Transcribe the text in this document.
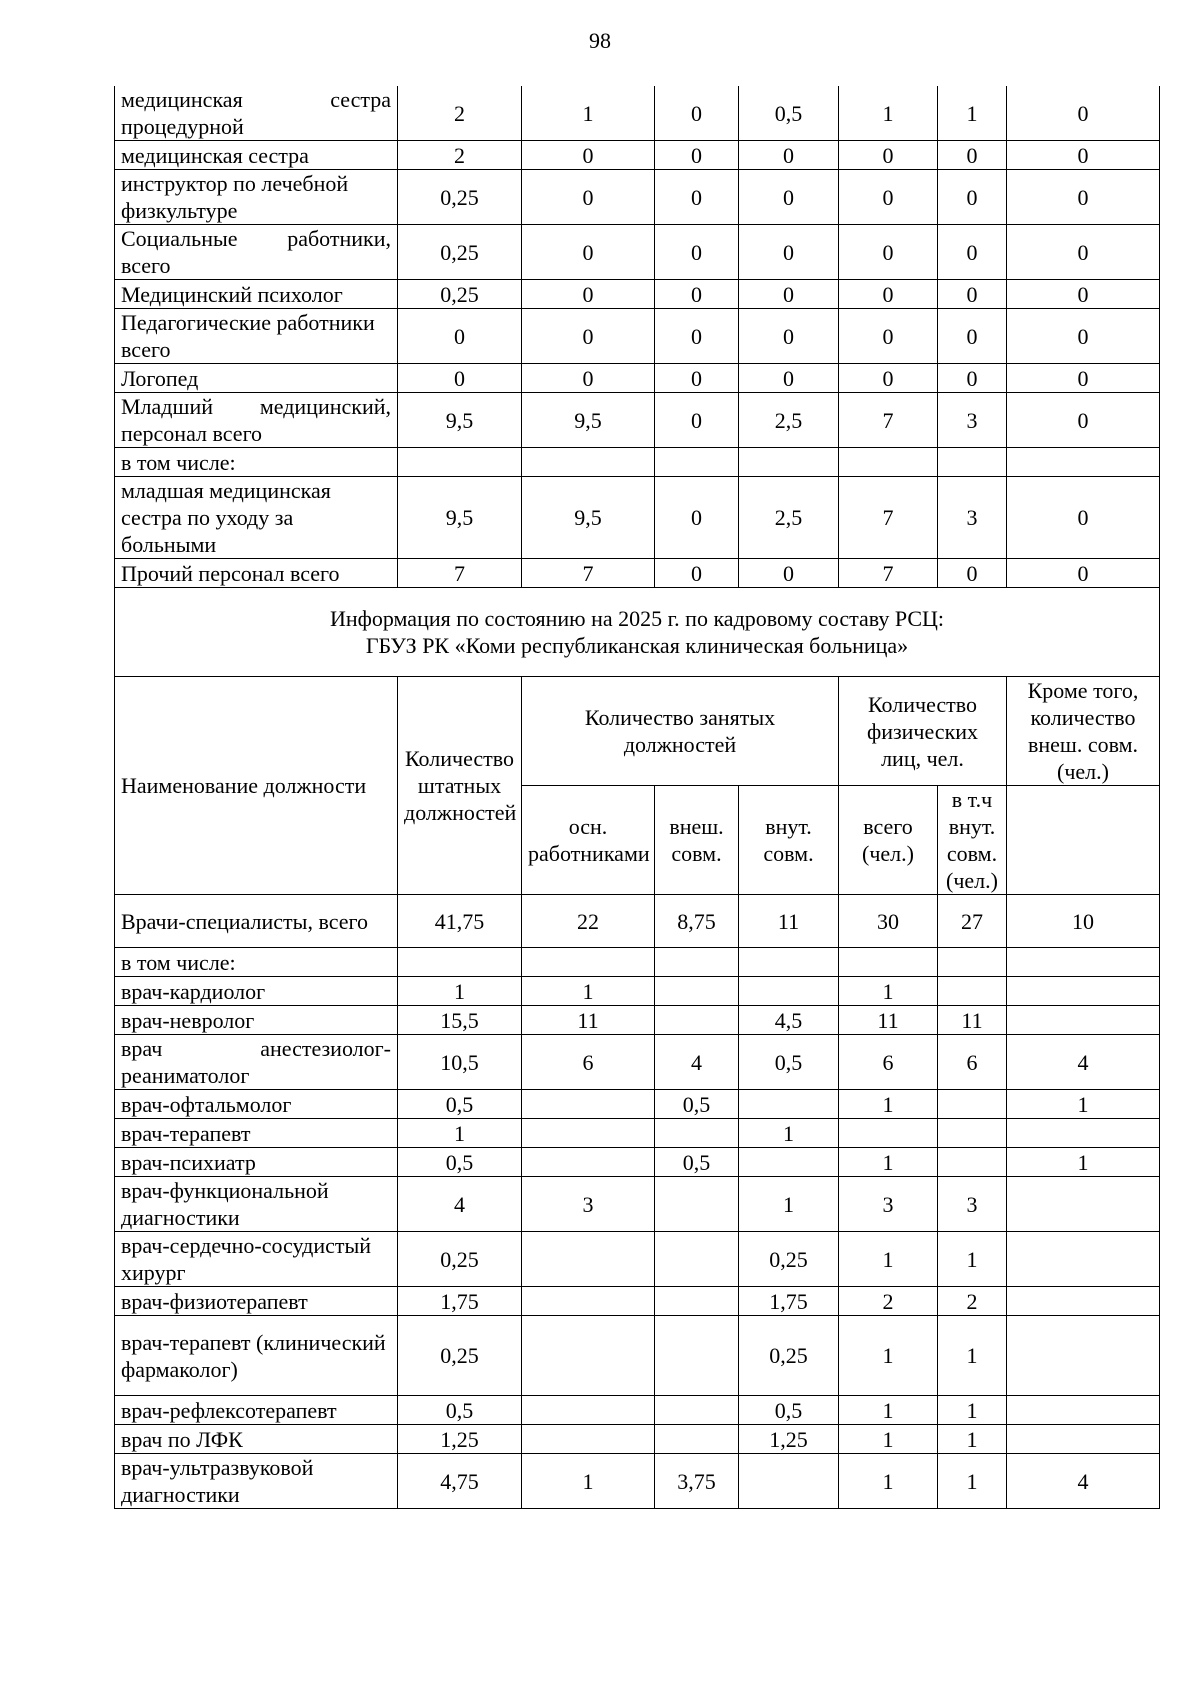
98
медицинская сестра процедурной	2	1	0	0,5	1	1	0
медицинская сестра	2	0	0	0	0	0	0
инструктор по лечебной физкультуре	0,25	0	0	0	0	0	0
Социальные работники, всего	0,25	0	0	0	0	0	0
Медицинский психолог	0,25	0	0	0	0	0	0
Педагогические работники всего	0	0	0	0	0	0	0
Логопед	0	0	0	0	0	0	0
Младший медицинский, персонал всего	9,5	9,5	0	2,5	7	3	0
в том числе:							
младшая медицинская сестра по уходу за больными	9,5	9,5	0	2,5	7	3	0
Прочий персонал всего	7	7	0	0	7	0	0

Информация по состоянию на 2025 г. по кадровому составу РСЦ:
ГБУЗ РК «Коми республиканская клиническая больница»							

Наименование должности	Количество штатных должностей	Количество занятых должностей			Количество физических лиц, чел.		Кроме того, количество внеш. совм. (чел.)
		осн. работниками	внеш. совм.	внут. совм.	всего (чел.)	в т.ч внут. совм. (чел.)	
Врачи-специалисты, всего	41,75	22	8,75	11	30	27	10
в том числе:							
врач-кардиолог	1	1			1		
врач-невролог	15,5	11		4,5	11	11	
врач анестезиолог-реаниматолог	10,5	6	4	0,5	6	6	4
врач-офтальмолог	0,5		0,5		1		1
врач-терапевт	1			1			
врач-психиатр	0,5		0,5		1		1
врач-функциональной диагностики	4	3		1	3	3	
врач-сердечно-сосудистый хирург	0,25			0,25	1	1	
врач-физиотерапевт	1,75			1,75	2	2	
врач-терапевт (клинический фармаколог)	0,25			0,25	1	1	
врач-рефлексотерапевт	0,5			0,5	1	1	
врач по ЛФК	1,25			1,25	1	1	
врач-ультразвуковой диагностики	4,75	1	3,75		1	1	4
